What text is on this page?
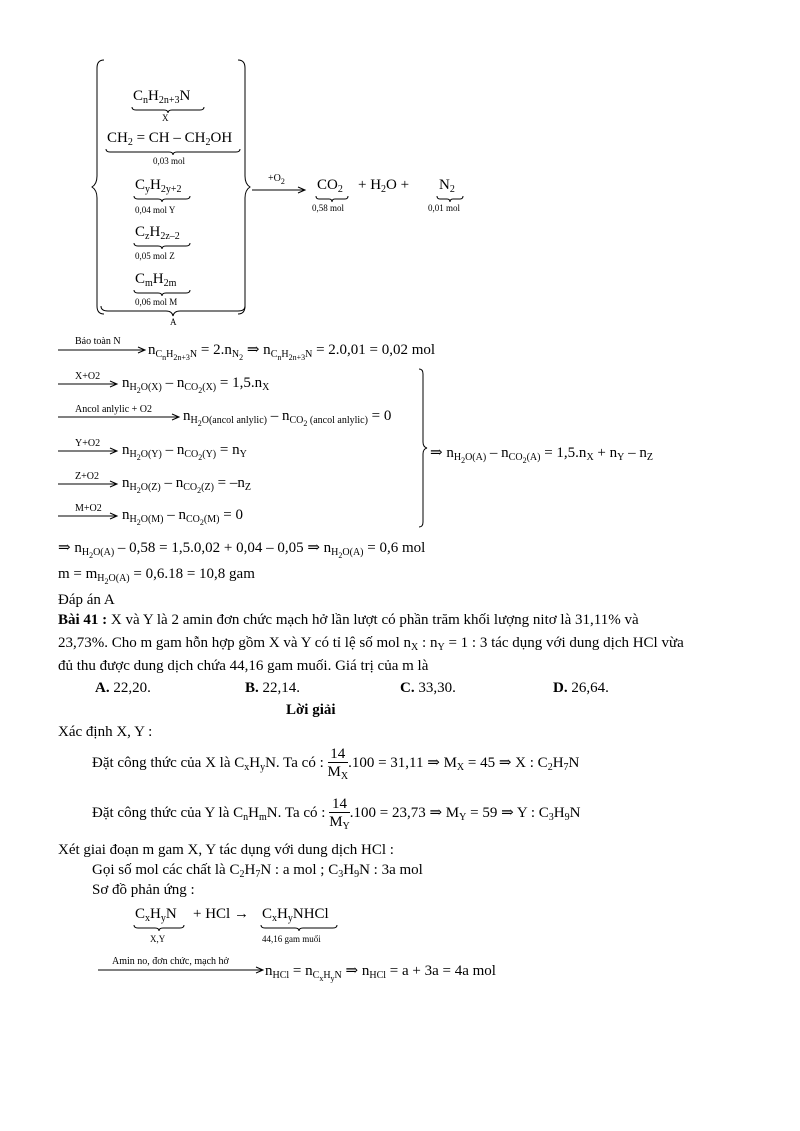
A
$C_nH_{2n+3}N$
X
$CH_2$ = CH – $CH_2OH$
0,03 mol
$C_yH_{2y+2}$
0,04 mol Y
$C_zH_{2z-2}$
0,05 mol Z
$C_mH_{2m}$
0,06 mol M
$+O_2$ $CO_2$
0,58 mol
+ $H_2O + N_2$
0,01 mol
Bảo toàn N
$n_{C_nH_{2n+3}N} = 2.n_{N_2}$ ⇒ $n_{C_nH_{2n+3}N} = 2.0,01 = 0,02$ mol
X+O2 $n_{H_2O(X)} - n_{CO_2(X)} = 1,5.n_X$
Ancol anlylic + O2 $n_{H_2O(ancol anlylic)} - n_{CO_2 (ancol anlylic)} = 0$
Y+O2 $n_{H_2O(Y)} - n_{CO_2(Y)} = n_Y$
Z+O2 $n_{H_2O(Z)} - n_{CO_2(Z)} = -n_Z$
M+O2 $n_{H_2O(M)} - n_{CO_2(M)} = 0$
⇒ $n_{H_2O(A)} - n_{CO_2(A)} = 1,5.n_X + n_Y - n_Z$
⇒ $n_{H_2O(A)} - 0,58 = 1,5.0,02 + 0,04 - 0,05$ ⇒ $n_{H_2O(A)} = 0,6$ mol
$m = m_{H_2O(A)} = 0,6.18 = 10,8$ gam
Đáp án A
Bài 41 : X và Y là 2 amin đơn chức mạch hở lần lượt có phần trăm khối lượng nitơ là 31,11% và
23,73%. Cho m gam hỗn hợp gồm X và Y có tỉ lệ số mol $n_X$ : $n_Y = 1$ : 3 tác dụng với dung dịch HCl vừa
đủ thu được dung dịch chứa 44,16 gam muối. Giá trị của m là
A. 22,20.	B. 22,14.	C. 33,30.	D. 26,64.
Lời giải
Xác định X, Y :
Đặt công thức của X là $C_xH_yN$. Ta có : $\frac{14}{M_X} .100 = 31,11$ ⇒ $M_X = 45$ ⇒ X : $C_2H_7N$
Đặt công thức của Y là $C_nH_mN$. Ta có : $\frac{14}{M_Y} .100 = 23,73$ ⇒ $M_Y = 59$ ⇒ Y : $C_3H_9N$
Xét giai đoạn m gam X, Y tác dụng với dung dịch HCl :
Gọi số mol các chất là $C_2H_7N$ : a mol ; $C_3H_9N$ : 3a mol
Sơ đồ phản ứng :
$C_xH_yN$
X,Y
+ HCl → $C_xH_yNHCl$
44,16 gam muối
Amin no, đơn chức, mạch hở
$n_{HCl} = n_{C_xH_yN}$ ⇒ $n_{HCl} = a + 3a = 4a$ mol
